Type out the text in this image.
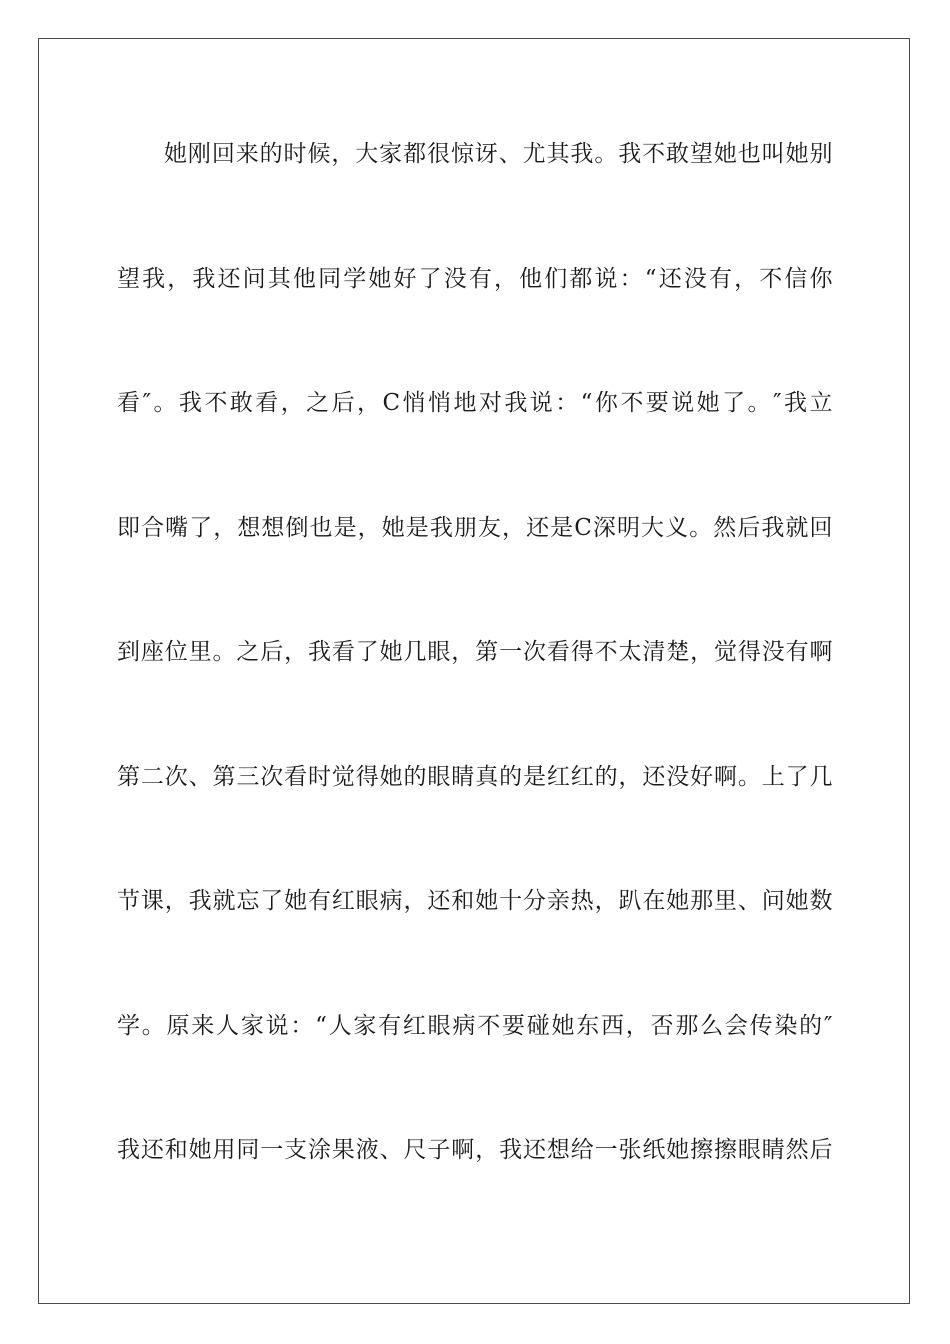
她刚回来的时候，大家都很惊讶、尤其我。我不敢望她也叫她别
望我，我还问其他同学她好了没有，他们都说：“还没有，不信你
看″。我不敢看，之后，C悄悄地对我说：“你不要说她了。″我立
即合嘴了，想想倒也是，她是我朋友，还是C深明大义。然后我就回
到座位里。之后，我看了她几眼，第一次看得不太清楚，觉得没有啊
第二次、第三次看时觉得她的眼睛真的是红红的，还没好啊。上了几
节课，我就忘了她有红眼病，还和她十分亲热，趴在她那里、问她数
学。原来人家说：“人家有红眼病不要碰她东西，否那么会传染的″
我还和她用同一支涂果液、尺子啊，我还想给一张纸她擦擦眼睛然后
